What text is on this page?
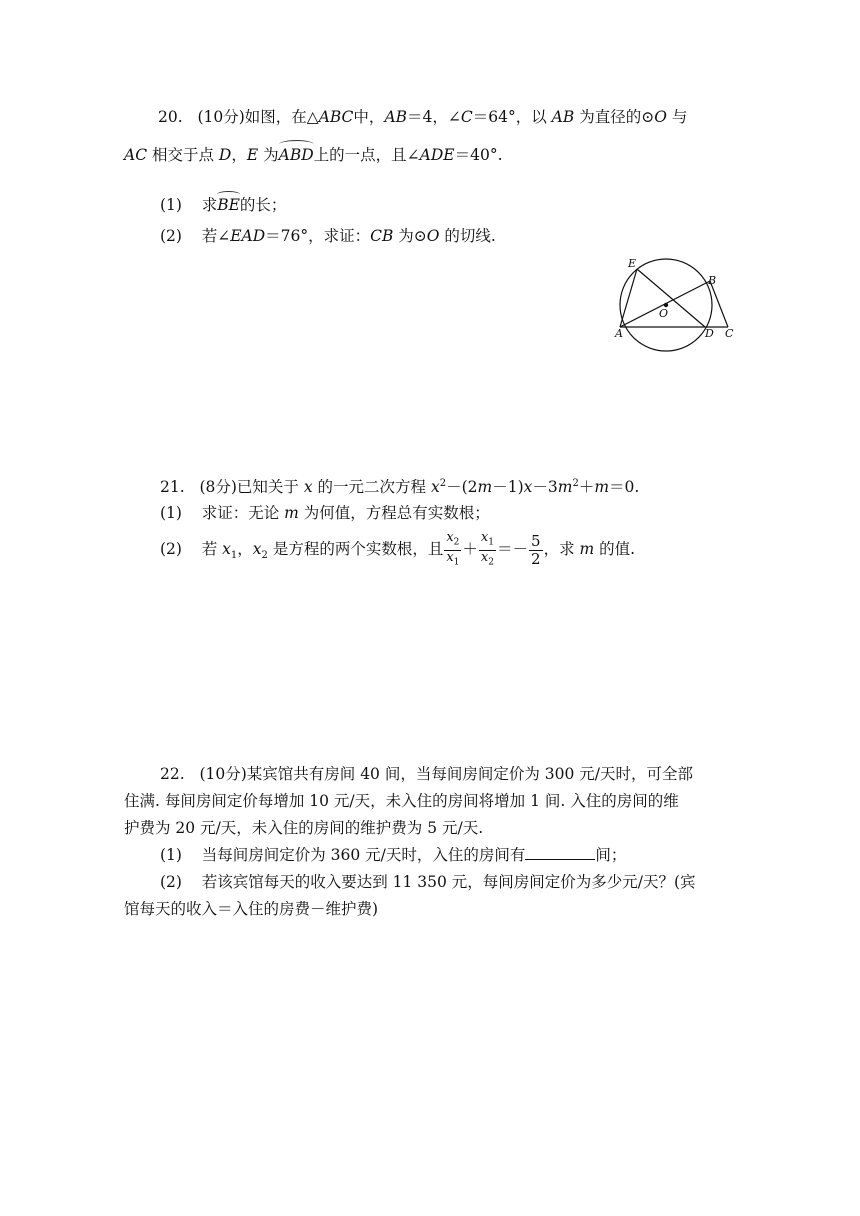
20. (10分)如图，在△ABC中，AB＝4，∠C＝64°，以 AB 为直径的⊙O 与
AC 相交于点 D，E 为ABD上的一点，且∠ADE＝40°.
(1) 求BE的长；
(2) 若∠EAD＝76°，求证：CB 为⊙O 的切线.
E
B
O
A	D C
21. (8分)已知关于 x 的一元二次方程 $x^2-(2m-1)x-3m^2+m=0$.
(1) 求证：无论 m 为何值，方程总有实数根；
(2) 若 $x_1$，$x_2$ 是方程的两个实数根，且 $\frac{x_2}{x_1} + \frac{x_1}{x_2} =- \frac{5}{2}$ ，求 m 的值.
22. (10分)某宾馆共有房间 40 间，当每间房间定价为 300 元/天时，可全部
住满. 每间房间定价每增加 10 元/天，未入住的房间将增加 1 间. 入住的房间的维
护费为 20 元/天，未入住的房间的维护费为 5 元/天.
(1) 当每间房间定价为 360 元/天时，入住的房间有	间；
(2) 若该宾馆每天的收入要达到 11 350 元，每间房间定价为多少元/天？(宾
馆每天的收入＝入住的房费－维护费)
